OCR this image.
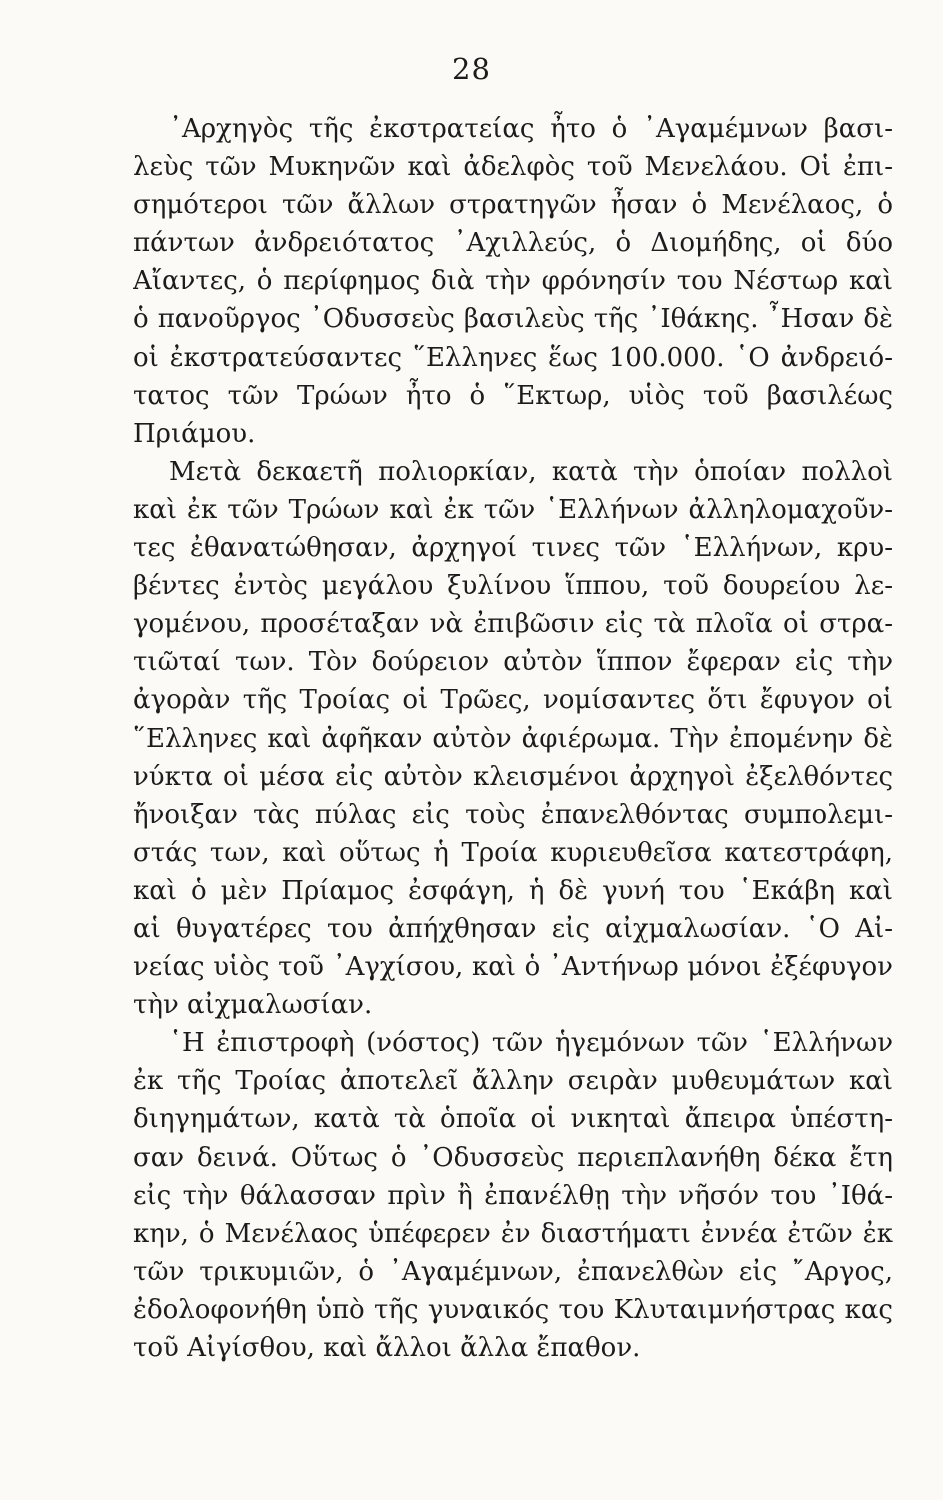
28
᾿Αρχηγὸς τῆς ἐκστρατείας ἦτο ὁ ᾿Αγαμέμνων βασι-
λεὺς τῶν Μυκηνῶν καὶ ἀδελφὸς τοῦ Μενελάου. Οἱ ἐπι-
σημότεροι τῶν ἄλλων στρατηγῶν ἦσαν ὁ Μενέλαος, ὁ
πάντων ἀνδρειότατος ᾿Αχιλλεύς, ὁ Διομήδης, οἱ δύο
Αἴαντες, ὁ περίφημος διὰ τὴν φρόνησίν του Νέστωρ καὶ
ὁ πανοῦργος ᾿Οδυσσεὺς βασιλεὺς τῆς ᾿Ιθάκης. ῏Ησαν δὲ
οἱ ἐκστρατεύσαντες ῞Ελληνες ἕως 100.000. ῾Ο ἀνδρειό-
τατος τῶν Τρώων ἦτο ὁ ῞Εκτωρ, υἱὸς τοῦ βασιλέως
Πριάμου.
Μετὰ δεκαετῆ πολιορκίαν, κατὰ τὴν ὁποίαν πολλοὶ
καὶ ἐκ τῶν Τρώων καὶ ἐκ τῶν ῾Ελλήνων ἀλληλομαχοῦν-
τες ἐθανατώθησαν, ἀρχηγοί τινες τῶν ῾Ελλήνων, κρυ-
βέντες ἐντὸς μεγάλου ξυλίνου ἵππου, τοῦ δουρείου λε-
γομένου, προσέταξαν νὰ ἐπιβῶσιν εἰς τὰ πλοῖα οἱ στρα-
τιῶταί των. Τὸν δούρειον αὐτὸν ἵππον ἔφεραν εἰς τὴν
ἀγορὰν τῆς Τροίας οἱ Τρῶες, νομίσαντες ὅτι ἔφυγον οἱ
῞Ελληνες καὶ ἀφῆκαν αὐτὸν ἀφιέρωμα. Τὴν ἐπομένην δὲ
νύκτα οἱ μέσα εἰς αὐτὸν κλεισμένοι ἀρχηγοὶ ἐξελθόντες
ἤνοιξαν τὰς πύλας εἰς τοὺς ἐπανελθόντας συμπολεμι-
στάς των, καὶ οὕτως ἡ Τροία κυριευθεῖσα κατεστράφη,
καὶ ὁ μὲν Πρίαμος ἐσφάγη, ἡ δὲ γυνή του ῾Εκάβη καὶ
αἱ θυγατέρες του ἀπήχθησαν εἰς αἰχμαλωσίαν. ῾Ο Αἰ-
νείας υἱὸς τοῦ ᾿Αγχίσου, καὶ ὁ ᾿Αντήνωρ μόνοι ἐξέφυγον
τὴν αἰχμαλωσίαν.
῾Η ἐπιστροφὴ (νόστος) τῶν ἡγεμόνων τῶν ῾Ελλήνων
ἐκ τῆς Τροίας ἀποτελεῖ ἄλλην σειρὰν μυθευμάτων καὶ
διηγημάτων, κατὰ τὰ ὁποῖα οἱ νικηταὶ ἄπειρα ὑπέστη-
σαν δεινά. Οὕτως ὁ ᾿Οδυσσεὺς περιεπλανήθη δέκα ἔτη
εἰς τὴν θάλασσαν πρὶν ἢ ἐπανέλθῃ τὴν νῆσόν του ᾿Ιθά-
κην, ὁ Μενέλαος ὑπέφερεν ἐν διαστήματι ἐννέα ἐτῶν ἐκ
τῶν τρικυμιῶν, ὁ ᾿Αγαμέμνων, ἐπανελθὼν εἰς ῎Αργος,
ἐδολοφονήθη ὑπὸ τῆς γυναικός του Κλυταιμνήστρας κας
τοῦ Αἰγίσθου, καὶ ἄλλοι ἄλλα ἔπαθον.
